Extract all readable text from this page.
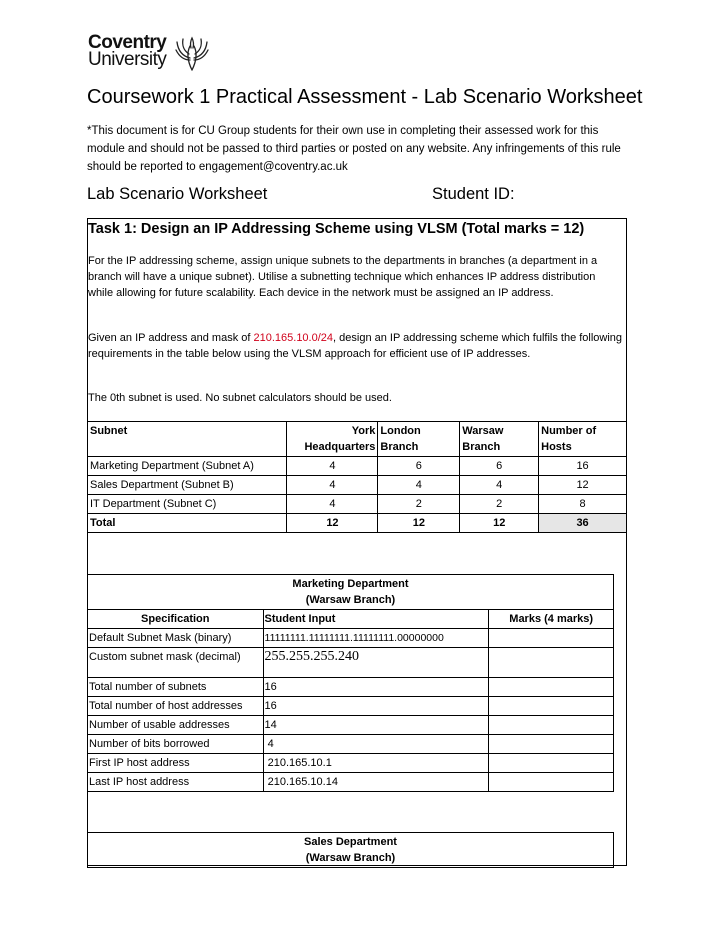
Coventry
University
Coursework 1 Practical Assessment - Lab Scenario Worksheet
*This document is for CU Group students for their own use in completing their assessed work for this module and should not be passed to third parties or posted on any website. Any infringements of this rule should be reported to engagement@coventry.ac.uk
Lab Scenario Worksheet	Student ID:
Task 1: Design an IP Addressing Scheme using VLSM (Total marks = 12)
For the IP addressing scheme, assign unique subnets to the departments in branches (a department in a branch will have a unique subnet). Utilise a subnetting technique which enhances IP address distribution while allowing for future scalability. Each device in the network must be assigned an IP address.
Given an IP address and mask of 210.165.10.0/24, design an IP addressing scheme which fulfils the following requirements in the table below using the VLSM approach for efficient use of IP addresses.
The 0th subnet is used. No subnet calculators should be used.
Subnet	York Headquarters	London Branch	Warsaw Branch	Number of Hosts
Marketing Department (Subnet A)	4	6	6	16
Sales Department (Subnet B)	4	4	4	12
IT Department (Subnet C)	4	2	2	8
Total	12	12	12	36
Marketing Department
(Warsaw Branch)		

Specification	Student Input	Marks (4 marks)
Default Subnet Mask (binary)	11111111.11111111.11111111.00000000	
Custom subnet mask (decimal)	255.255.255.240	
Total number of subnets	16	
Total number of host addresses	16	
Number of usable addresses	14	
Number of bits borrowed	4	
First IP host address	210.165.10.1	
Last IP host address	210.165.10.14	
Sales Department
(Warsaw Branch)
